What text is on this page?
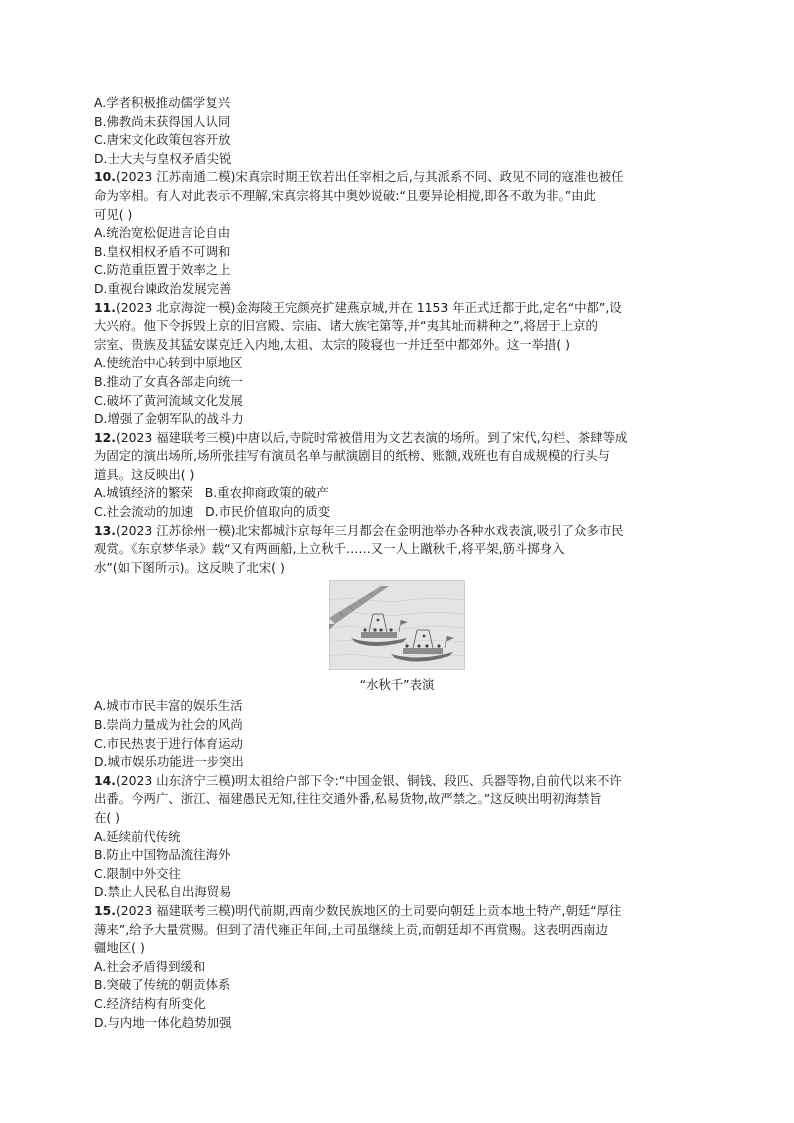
A.学者积极推动儒学复兴
B.佛教尚未获得国人认同
C.唐宋文化政策包容开放
D.士大夫与皇权矛盾尖锐
10.(2023 江苏南通二模)宋真宗时期王钦若出任宰相之后,与其派系不同、政见不同的寇准也被任
命为宰相。有人对此表示不理解,宋真宗将其中奥妙说破:“且要异论相搅,即各不敢为非。”由此
可见( )
A.统治宽松促进言论自由
B.皇权相权矛盾不可调和
C.防范重臣置于效率之上
D.重视台谏政治发展完善
11.(2023 北京海淀一模)金海陵王完颜亮扩建燕京城,并在 1153 年正式迁都于此,定名“中都”,设
大兴府。他下令拆毁上京的旧宫殿、宗庙、诸大族宅第等,并“夷其址而耕种之”,将居于上京的
宗室、贵族及其猛安谋克迁入内地,太祖、太宗的陵寝也一并迁至中都郊外。这一举措( )
A.使统治中心转到中原地区
B.推动了女真各部走向统一
C.破坏了黄河流域文化发展
D.增强了金朝军队的战斗力
12.(2023 福建联考三模)中唐以后,寺院时常被借用为文艺表演的场所。到了宋代,勾栏、茶肆等成
为固定的演出场所,场所张挂写有演员名单与献演剧目的纸榜、账额,戏班也有自成规模的行头与
道具。这反映出( )
A.城镇经济的繁荣   B.重农抑商政策的破产
C.社会流动的加速   D.市民价值取向的质变
13.(2023 江苏徐州一模)北宋都城汴京每年三月都会在金明池举办各种水戏表演,吸引了众多市民
观赏。《东京梦华录》载“又有两画船,上立秋千……又一人上蹴秋千,将平架,筋斗掷身入
水”(如下图所示)。这反映了北宋( )
“水秋千”表演
A.城市市民丰富的娱乐生活
B.崇尚力量成为社会的风尚
C.市民热衷于进行体育运动
D.城市娱乐功能进一步突出
14.(2023 山东济宁三模)明太祖给户部下令:“中国金银、铜钱、段匹、兵器等物,自前代以来不许
出番。今两广、浙江、福建愚民无知,往往交通外番,私易货物,故严禁之。”这反映出明初海禁旨
在( )
A.延续前代传统
B.防止中国物品流往海外
C.限制中外交往
D.禁止人民私自出海贸易
15.(2023 福建联考三模)明代前期,西南少数民族地区的土司要向朝廷上贡本地土特产,朝廷“厚往
薄来”,给予大量赏赐。但到了清代雍正年间,土司虽继续上贡,而朝廷却不再赏赐。这表明西南边
疆地区( )
A.社会矛盾得到缓和
B.突破了传统的朝贡体系
C.经济结构有所变化
D.与内地一体化趋势加强
